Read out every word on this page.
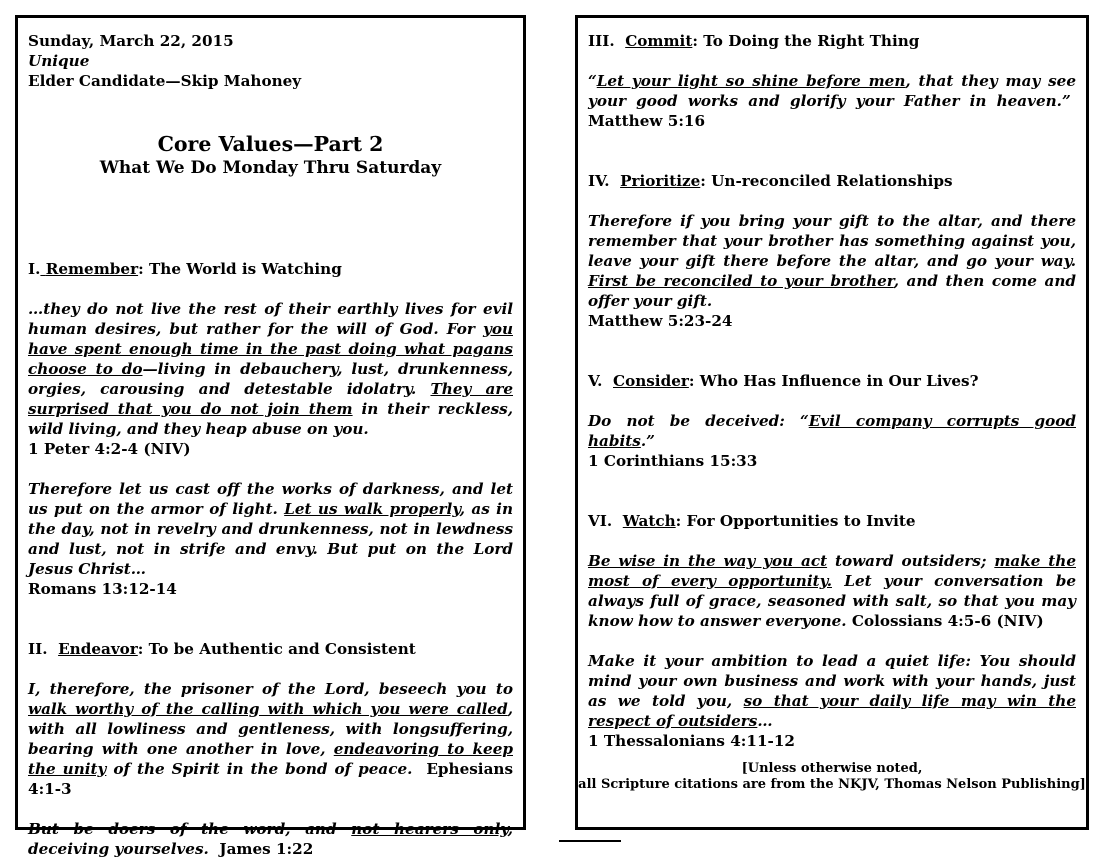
Sunday, March 22, 2015

Unique

Elder Candidate—Skip Mahoney

Core Values—Part 2

What We Do Monday Thru Saturday

I. Remember: The World is Watching

…they do not live the rest of their earthly lives for evil human desires, but rather for the will of God. For you have spent enough time in the past doing what pagans choose to do—living in debauchery, lust, drunkenness, orgies, carousing and detestable idolatry. They are surprised that you do not join them in their reckless, wild living, and they heap abuse on you.

1 Peter 4:2-4 (NIV)

Therefore let us cast off the works of darkness, and let us put on the armor of light. Let us walk properly, as in the day, not in revelry and drunkenness, not in lewdness and lust, not in strife and envy. But put on the Lord Jesus Christ…

Romans 13:12-14

II. Endeavor: To be Authentic and Consistent

I, therefore, the prisoner of the Lord, beseech you to walk worthy of the calling with which you were called, with all lowliness and gentleness, with longsuffering, bearing with one another in love, endeavoring to keep the unity of the Spirit in the bond of peace. Ephesians 4:1-3

But be doers of the word, and not hearers only, deceiving yourselves. James 1:22

III. Commit: To Doing the Right Thing

“Let your light so shine before men, that they may see your good works and glorify your Father in heaven.”  Matthew 5:16

IV. Prioritize: Un-reconciled Relationships

Therefore if you bring your gift to the altar, and there remember that your brother has something against you, leave your gift there before the altar, and go your way. First be reconciled to your brother, and then come and offer your gift.

Matthew 5:23-24

V. Consider: Who Has Influence in Our Lives?

Do not be deceived: “Evil company corrupts good habits.”

1 Corinthians 15:33

VI. Watch: For Opportunities to Invite

Be wise in the way you act toward outsiders; make the most of every opportunity. Let your conversation be always full of grace, seasoned with salt, so that you may know how to answer everyone. Colossians 4:5-6 (NIV)

Make it your ambition to lead a quiet life: You should mind your own business and work with your hands, just as we told you, so that your daily life may win the respect of outsiders…

1 Thessalonians 4:11-12

[Unless otherwise noted,
all Scripture citations are from the NKJV, Thomas Nelson Publishing]
